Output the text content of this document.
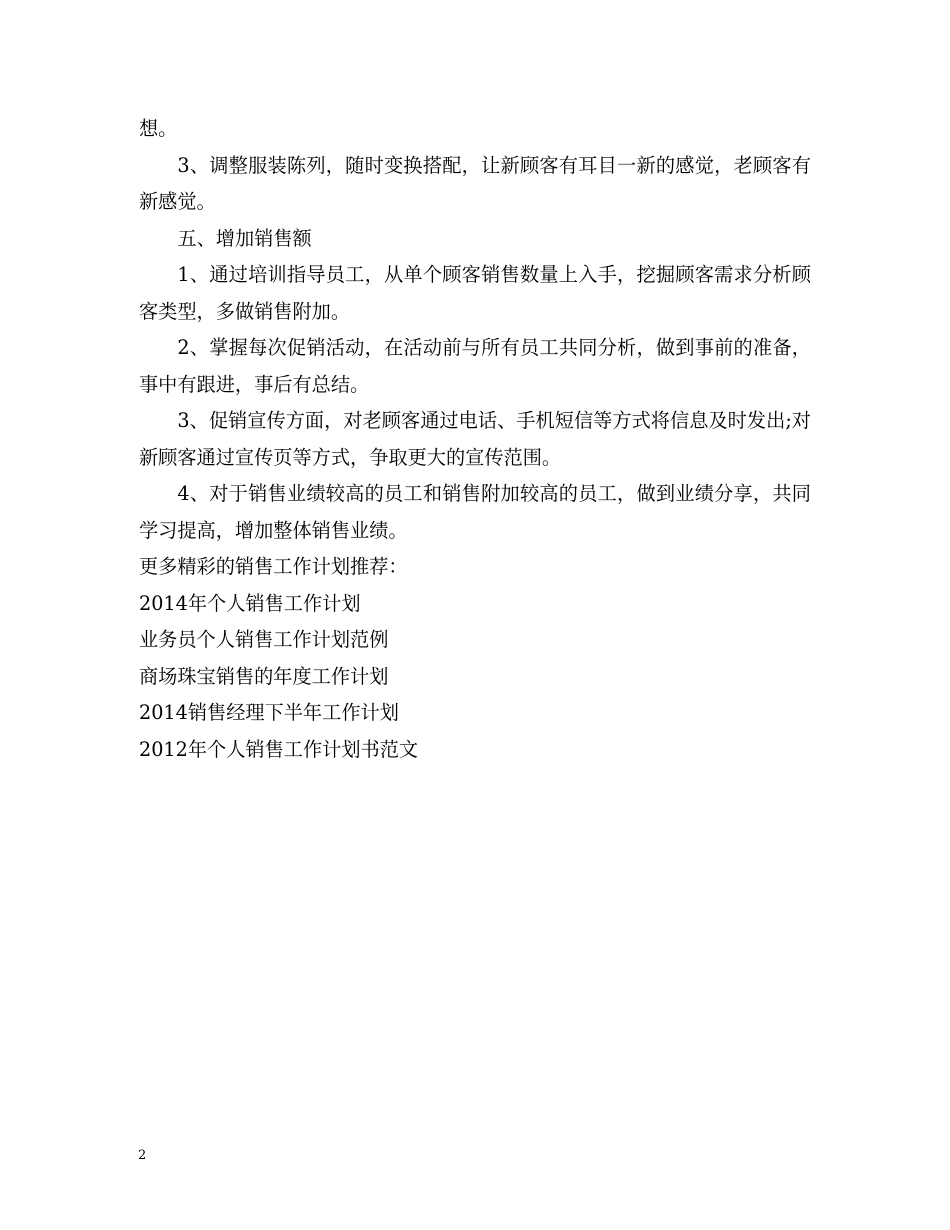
想。

3、调整服装陈列，随时变换搭配，让新顾客有耳目一新的感觉，老顾客有新感觉。

五、增加销售额

1、通过培训指导员工，从单个顾客销售数量上入手，挖掘顾客需求分析顾客类型，多做销售附加。

2、掌握每次促销活动，在活动前与所有员工共同分析，做到事前的准备，事中有跟进，事后有总结。

3、促销宣传方面，对老顾客通过电话、手机短信等方式将信息及时发出;对新顾客通过宣传页等方式，争取更大的宣传范围。

4、对于销售业绩较高的员工和销售附加较高的员工，做到业绩分享，共同学习提高，增加整体销售业绩。

更多精彩的销售工作计划推荐：

2014年个人销售工作计划

业务员个人销售工作计划范例

商场珠宝销售的年度工作计划

2014销售经理下半年工作计划

2012年个人销售工作计划书范文

2
